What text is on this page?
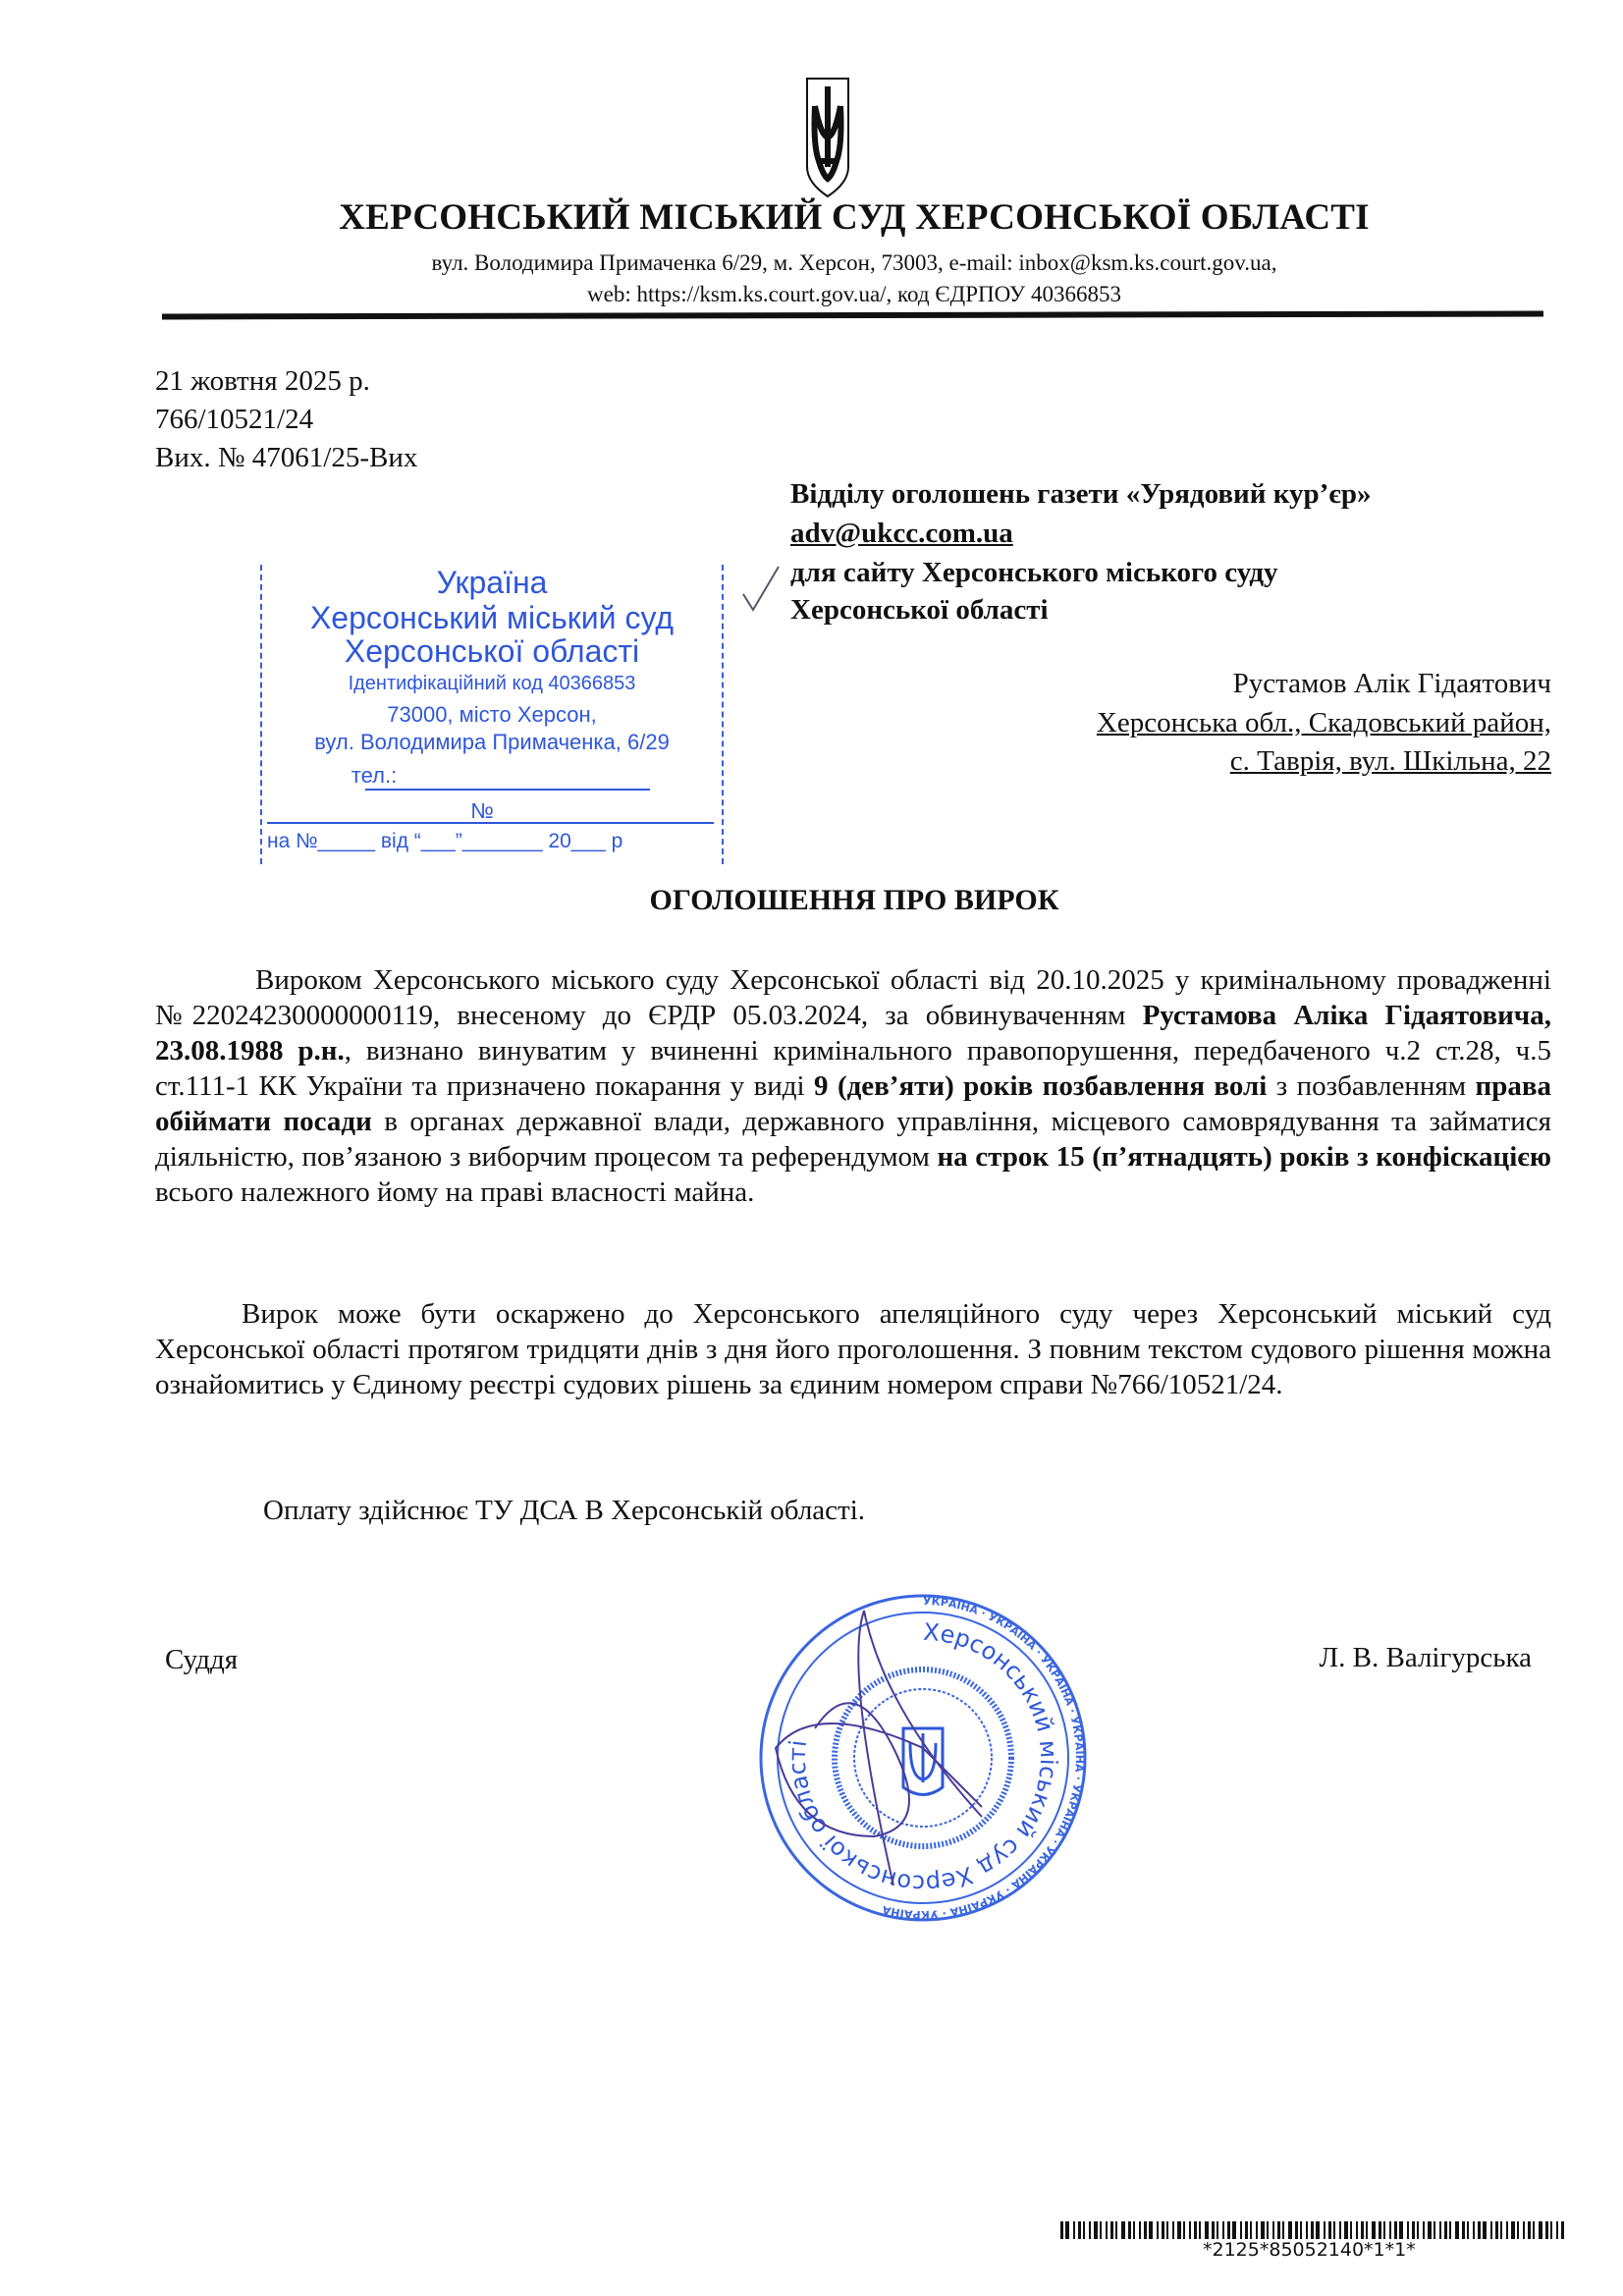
ХЕРСОНСЬКИЙ МІСЬКИЙ СУД ХЕРСОНСЬКОЇ ОБЛАСТІ
вул. Володимира Примаченка 6/29, м. Херсон, 73003, e-mail: inbox@ksm.ks.court.gov.ua,
web: https://ksm.ks.court.gov.ua/, код ЄДРПОУ 40366853
21 жовтня 2025 р.
766/10521/24
Вих. № 47061/25-Вих
Відділу оголошень газети «Урядовий кур’єр»
adv@ukcc.com.ua
для сайту Херсонського міського суду
Херсонської області
Рустамов Алік Гідаятович
Херсонська обл., Скадовський район,
с. Таврія, вул. Шкільна, 22
Україна
Херсонський міський суд
Херсонської області
Ідентифікаційний код 40366853
73000, місто Херсон,
вул. Володимира Примаченка, 6/29
тел.:
№
на №_____ від “___”_______ 20___ р
ОГОЛОШЕННЯ ПРО ВИРОК
Вироком Херсонського міського суду Херсонської області від 20.10.2025 у кримінальному провадженні №22024230000000119, внесеному до ЄРДР 05.03.2024, за обвинуваченням Рустамова Аліка Гідаятовича, 23.08.1988 р.н., визнано винуватим у вчиненні кримінального правопорушення, передбаченого ч.2 ст.28, ч.5 ст.111-1 КК України та призначено покарання у виді 9 (дев’яти) років позбавлення волі з позбавленням права обіймати посади в органах державної влади, державного управління, місцевого самоврядування та займатися діяльністю, пов’язаною з виборчим процесом та референдумом на строк 15 (п’ятнадцять) років з конфіскацією всього належного йому на праві власності майна.
Вирок може бути оскаржено до Херсонського апеляційного суду через Херсонський міський суд Херсонської області протягом тридцяти днів з дня його проголошення. З повним текстом судового рішення можна ознайомитись у Єдиному реєстрі судових рішень за єдиним номером справи №766/10521/24.
Оплату здійснює ТУ ДСА В Херсонській області.
Суддя	Л. В. Валігурська
УКРАЇНА · УКРАЇНА · УКРАЇНА · УКРАЇНА · УКРАЇНА · УКРАЇНА · УКРАЇНА · УКРАЇНА
Херсонський міський суд Херсонської області
*2125*85052140*1*1*
